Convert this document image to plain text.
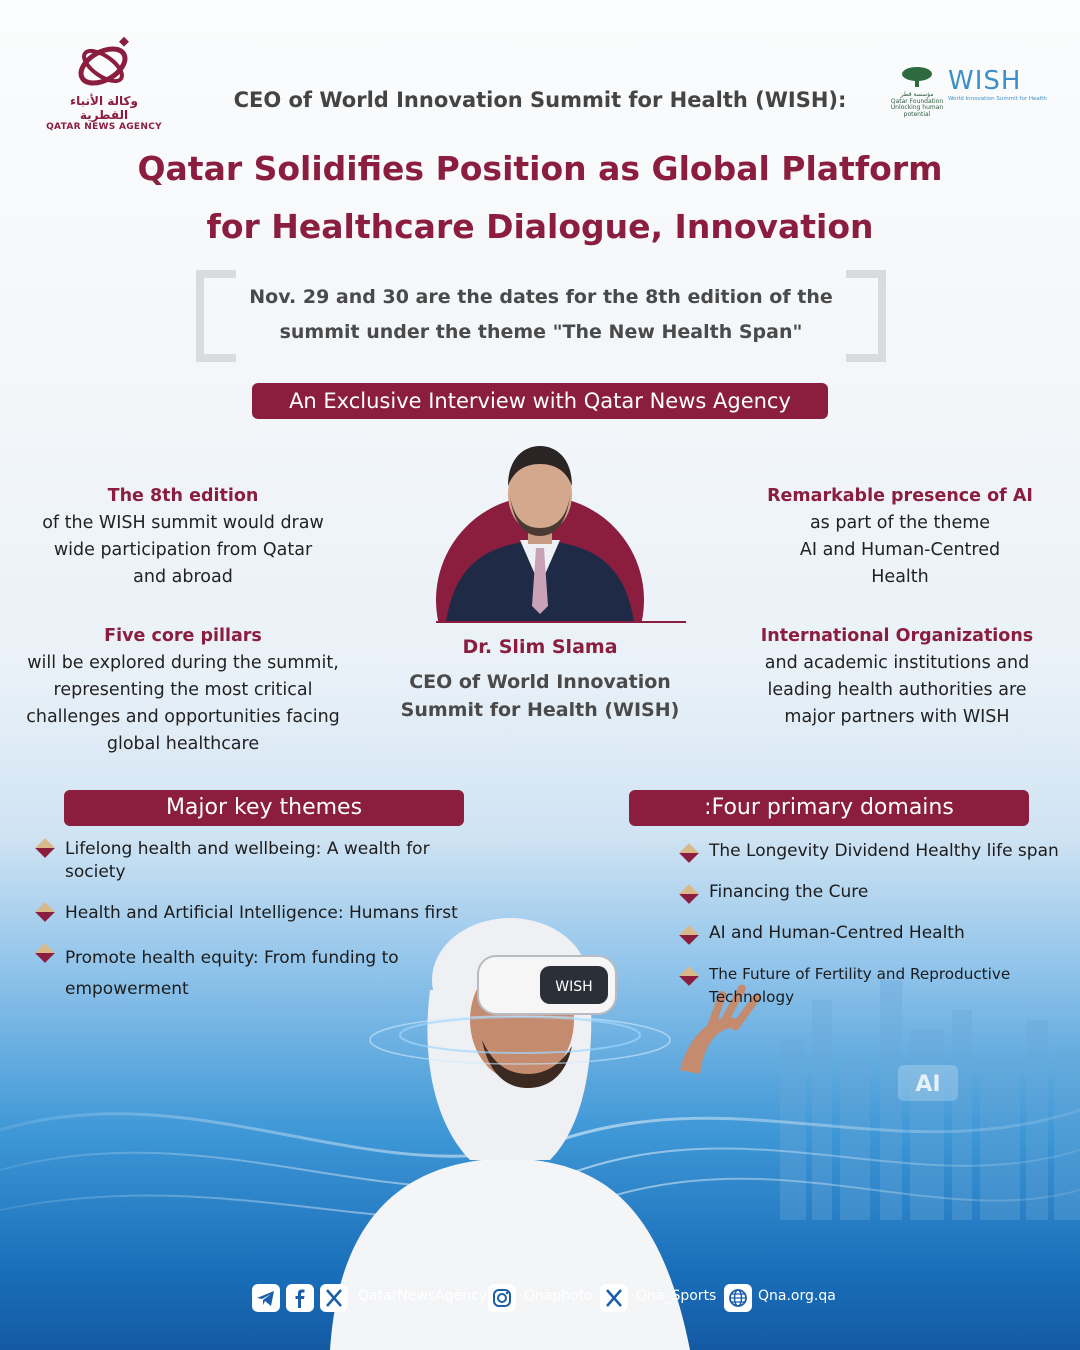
وكالة الأنباء القطرية
QATAR NEWS AGENCY
مؤسسة قطر
Qatar Foundation
Unlocking human potential
WISH
World Innovation Summit for Health
CEO of World Innovation Summit for Health (WISH):
Qatar Solidifies Position as Global Platform
for Healthcare Dialogue, Innovation
Nov. 29 and 30 are the dates for the 8th edition of the
summit under the theme "The New Health Span"
An Exclusive Interview with Qatar News Agency
Dr. Slim Slama
CEO of World Innovation
Summit for Health (WISH)
The 8th edition
of the WISH summit would draw
wide participation from Qatar
and abroad
Five core pillars
will be explored during the summit,
representing the most critical
challenges and opportunities facing
global healthcare
Remarkable presence of AI
as part of the theme
AI and Human-Centred
Health
International Organizations
and academic institutions and
leading health authorities are
major partners with WISH
WISH
AI
Major key themes	:Four primary domains
Lifelong health and wellbeing: A wealth for society
Health and Artificial Intelligence: Humans first
Promote health equity: From funding to empowerment
The Longevity Dividend Healthy life span
Financing the Cure
AI and Human-Centred Health
The Future of Fertility and Reproductive Technology
QatarNewsAgency	Qnaphoto	Qna_Sports	Qna.org.qa
